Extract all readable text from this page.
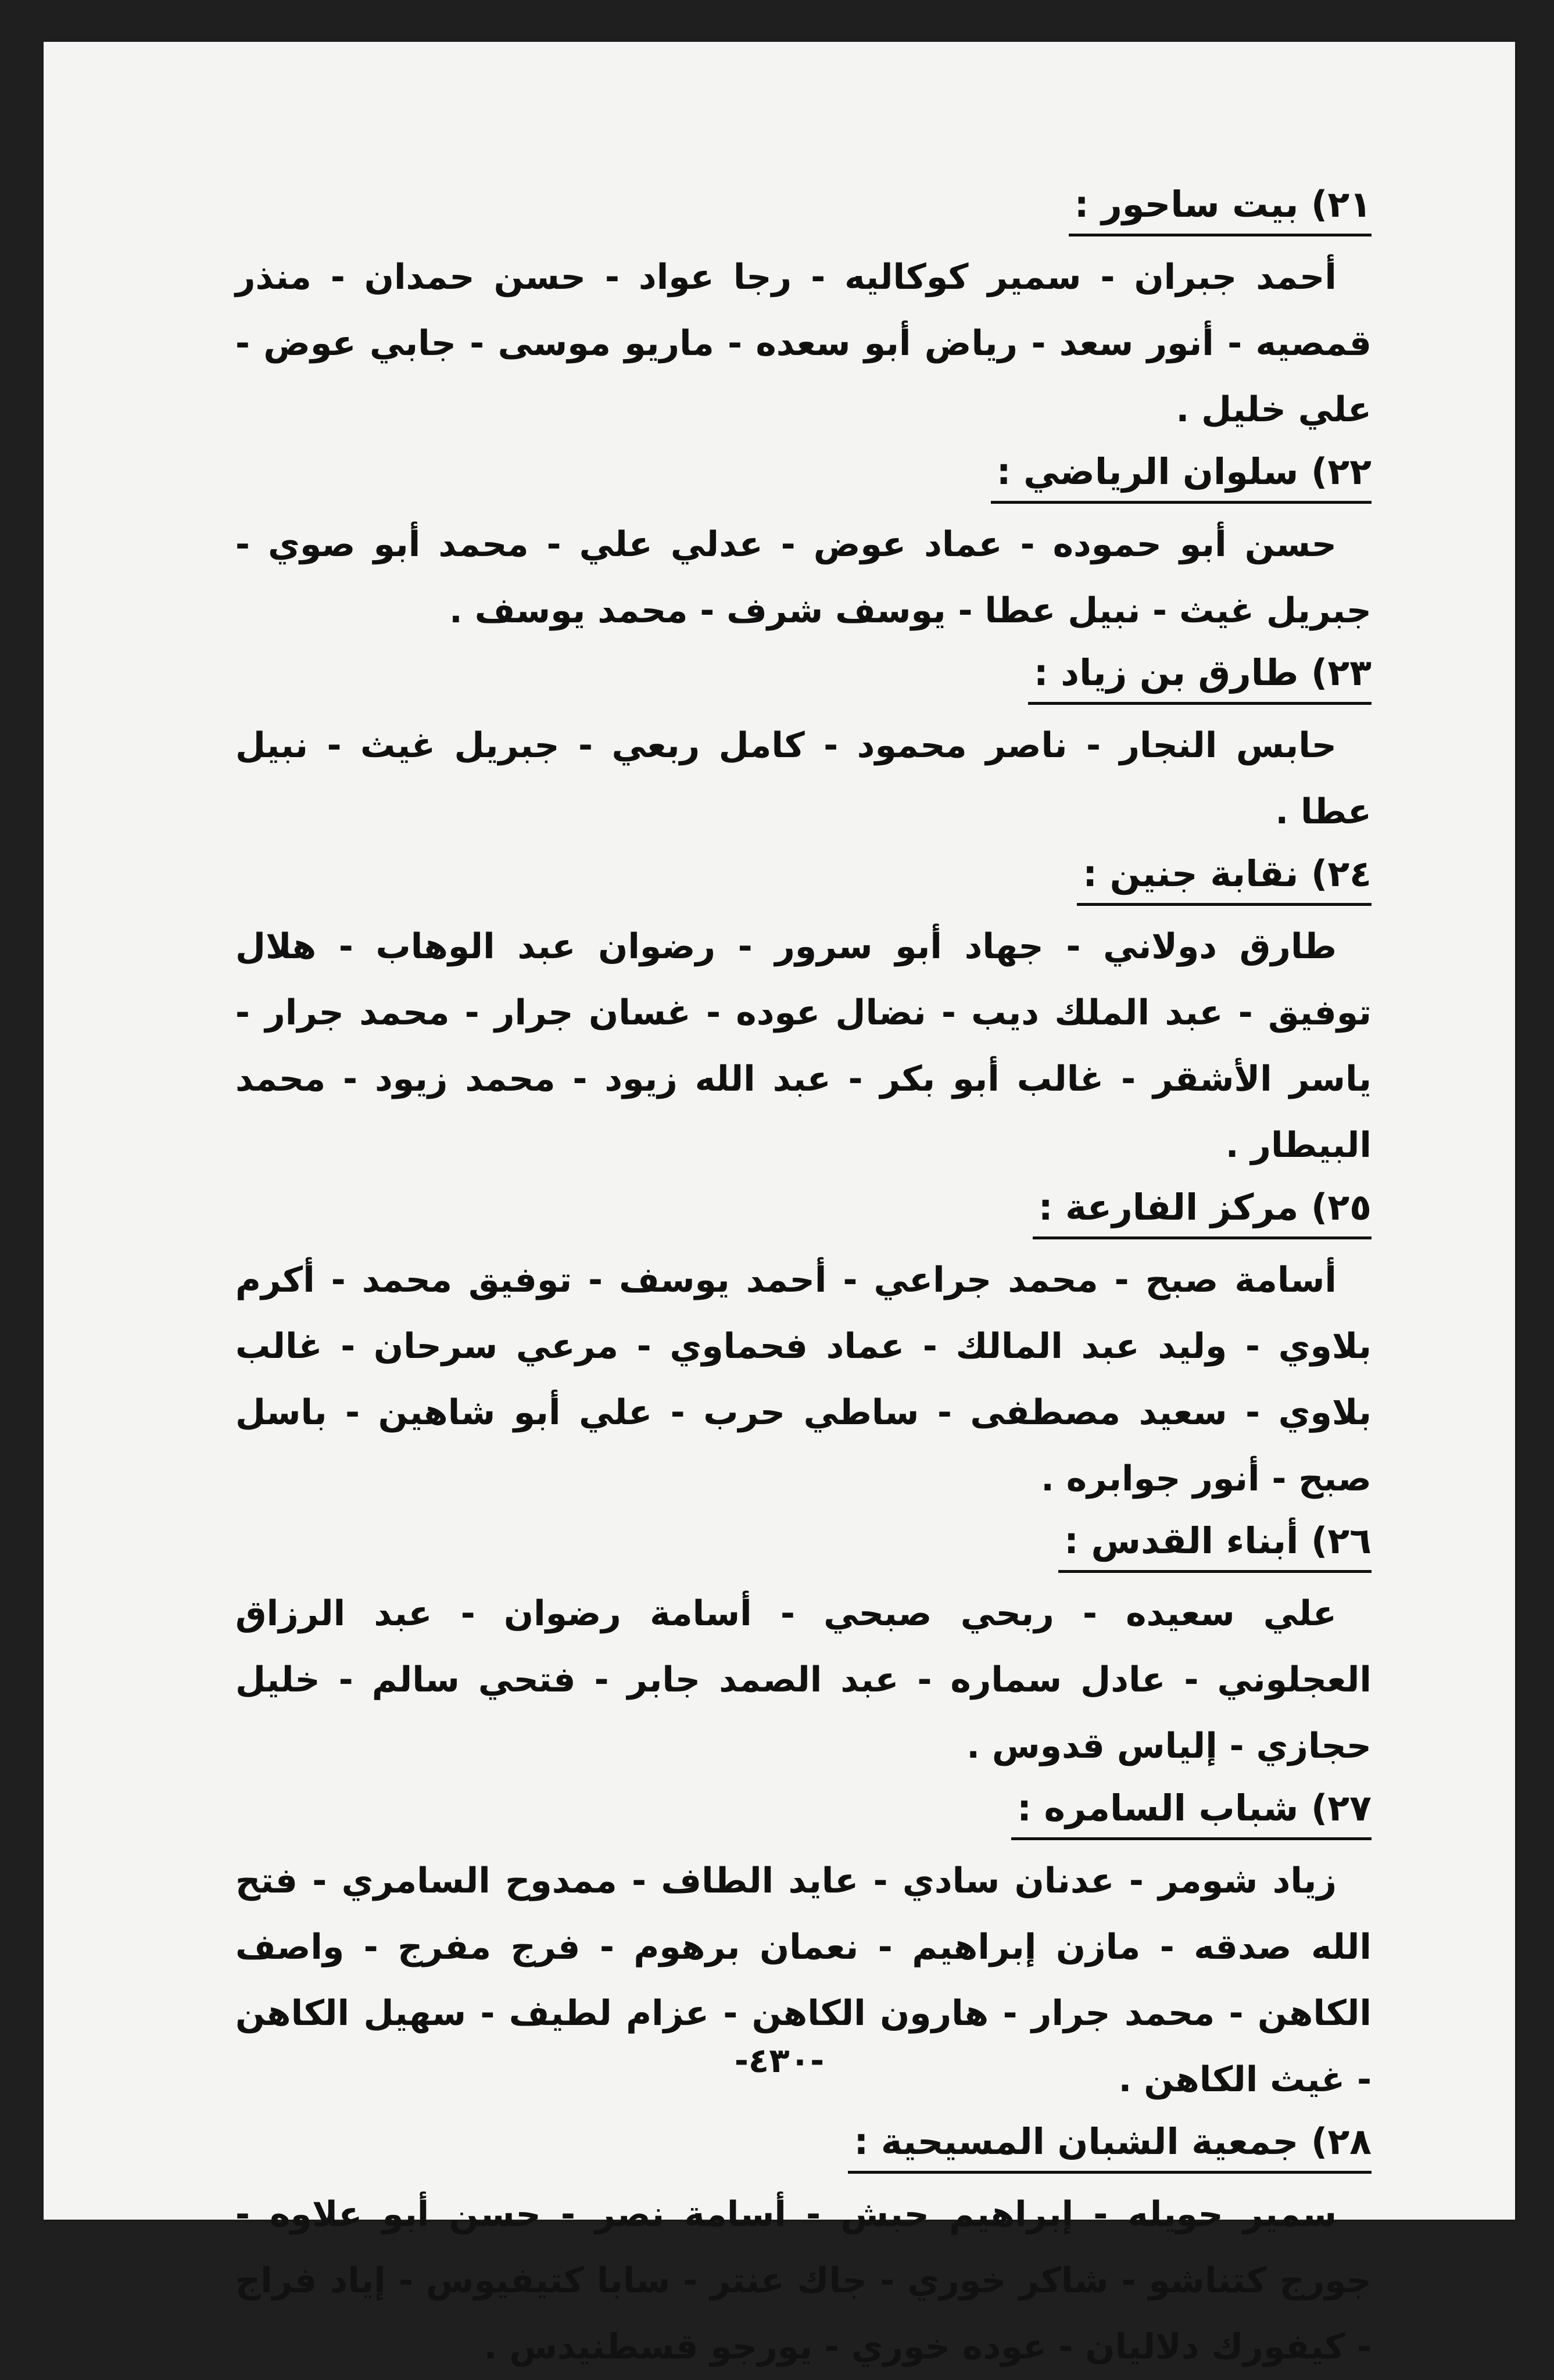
٢١) بيت ساحور :

أحمد جبران - سمير كوكاليه - رجا عواد - حسن حمدان - منذر قمصيه - أنور سعد - رياض أبو سعده - ماريو موسى - جابي عوض - علي خليل .

٢٢) سلوان الرياضي :

حسن أبو حموده - عماد عوض - عدلي علي - محمد أبو صوي - جبريل غيث - نبيل عطا - يوسف شرف - محمد يوسف .

٢٣) طارق بن زياد :

حابس النجار - ناصر محمود - كامل ربعي - جبريل غيث - نبيل عطا .

٢٤) نقابة جنين :

طارق دولاني - جهاد أبو سرور - رضوان عبد الوهاب - هلال توفيق - عبد الملك ديب - نضال عوده - غسان جرار - محمد جرار - ياسر الأشقر - غالب أبو بكر - عبد الله زيود - محمد زيود - محمد البيطار .

٢٥) مركز الفارعة :

أسامة صبح - محمد جراعي - أحمد يوسف - توفيق محمد - أكرم بلاوي - وليد عبد المالك - عماد فحماوي - مرعي سرحان - غالب بلاوي - سعيد مصطفى - ساطي حرب - علي أبو شاهين - باسل صبح - أنور جوابره .

٢٦) أبناء القدس :

علي سعيده - ربحي صبحي - أسامة رضوان - عبد الرزاق العجلوني - عادل سماره - عبد الصمد جابر - فتحي سالم - خليل حجازي - إلياس قدوس .

٢٧) شباب السامره :

زياد شومر - عدنان سادي - عايد الطاف - ممدوح السامري - فتح الله صدقه - مازن إبراهيم - نعمان برهوم - فرج مفرج - واصف الكاهن - محمد جرار - هارون الكاهن - عزام لطيف - سهيل الكاهن - غيث الكاهن .

٢٨) جمعية الشبان المسيحية :

سمير حويله - إبراهيم حبش - أسامة نصر - حسن أبو علاوه - جورج كتناشو - شاكر خوري - جاك عنتر - سابا كتيفيوس - إياد فراج - كيفورك دلاليان - عوده خوري - يورجو قسطنيدس .

-٤٣٠-
